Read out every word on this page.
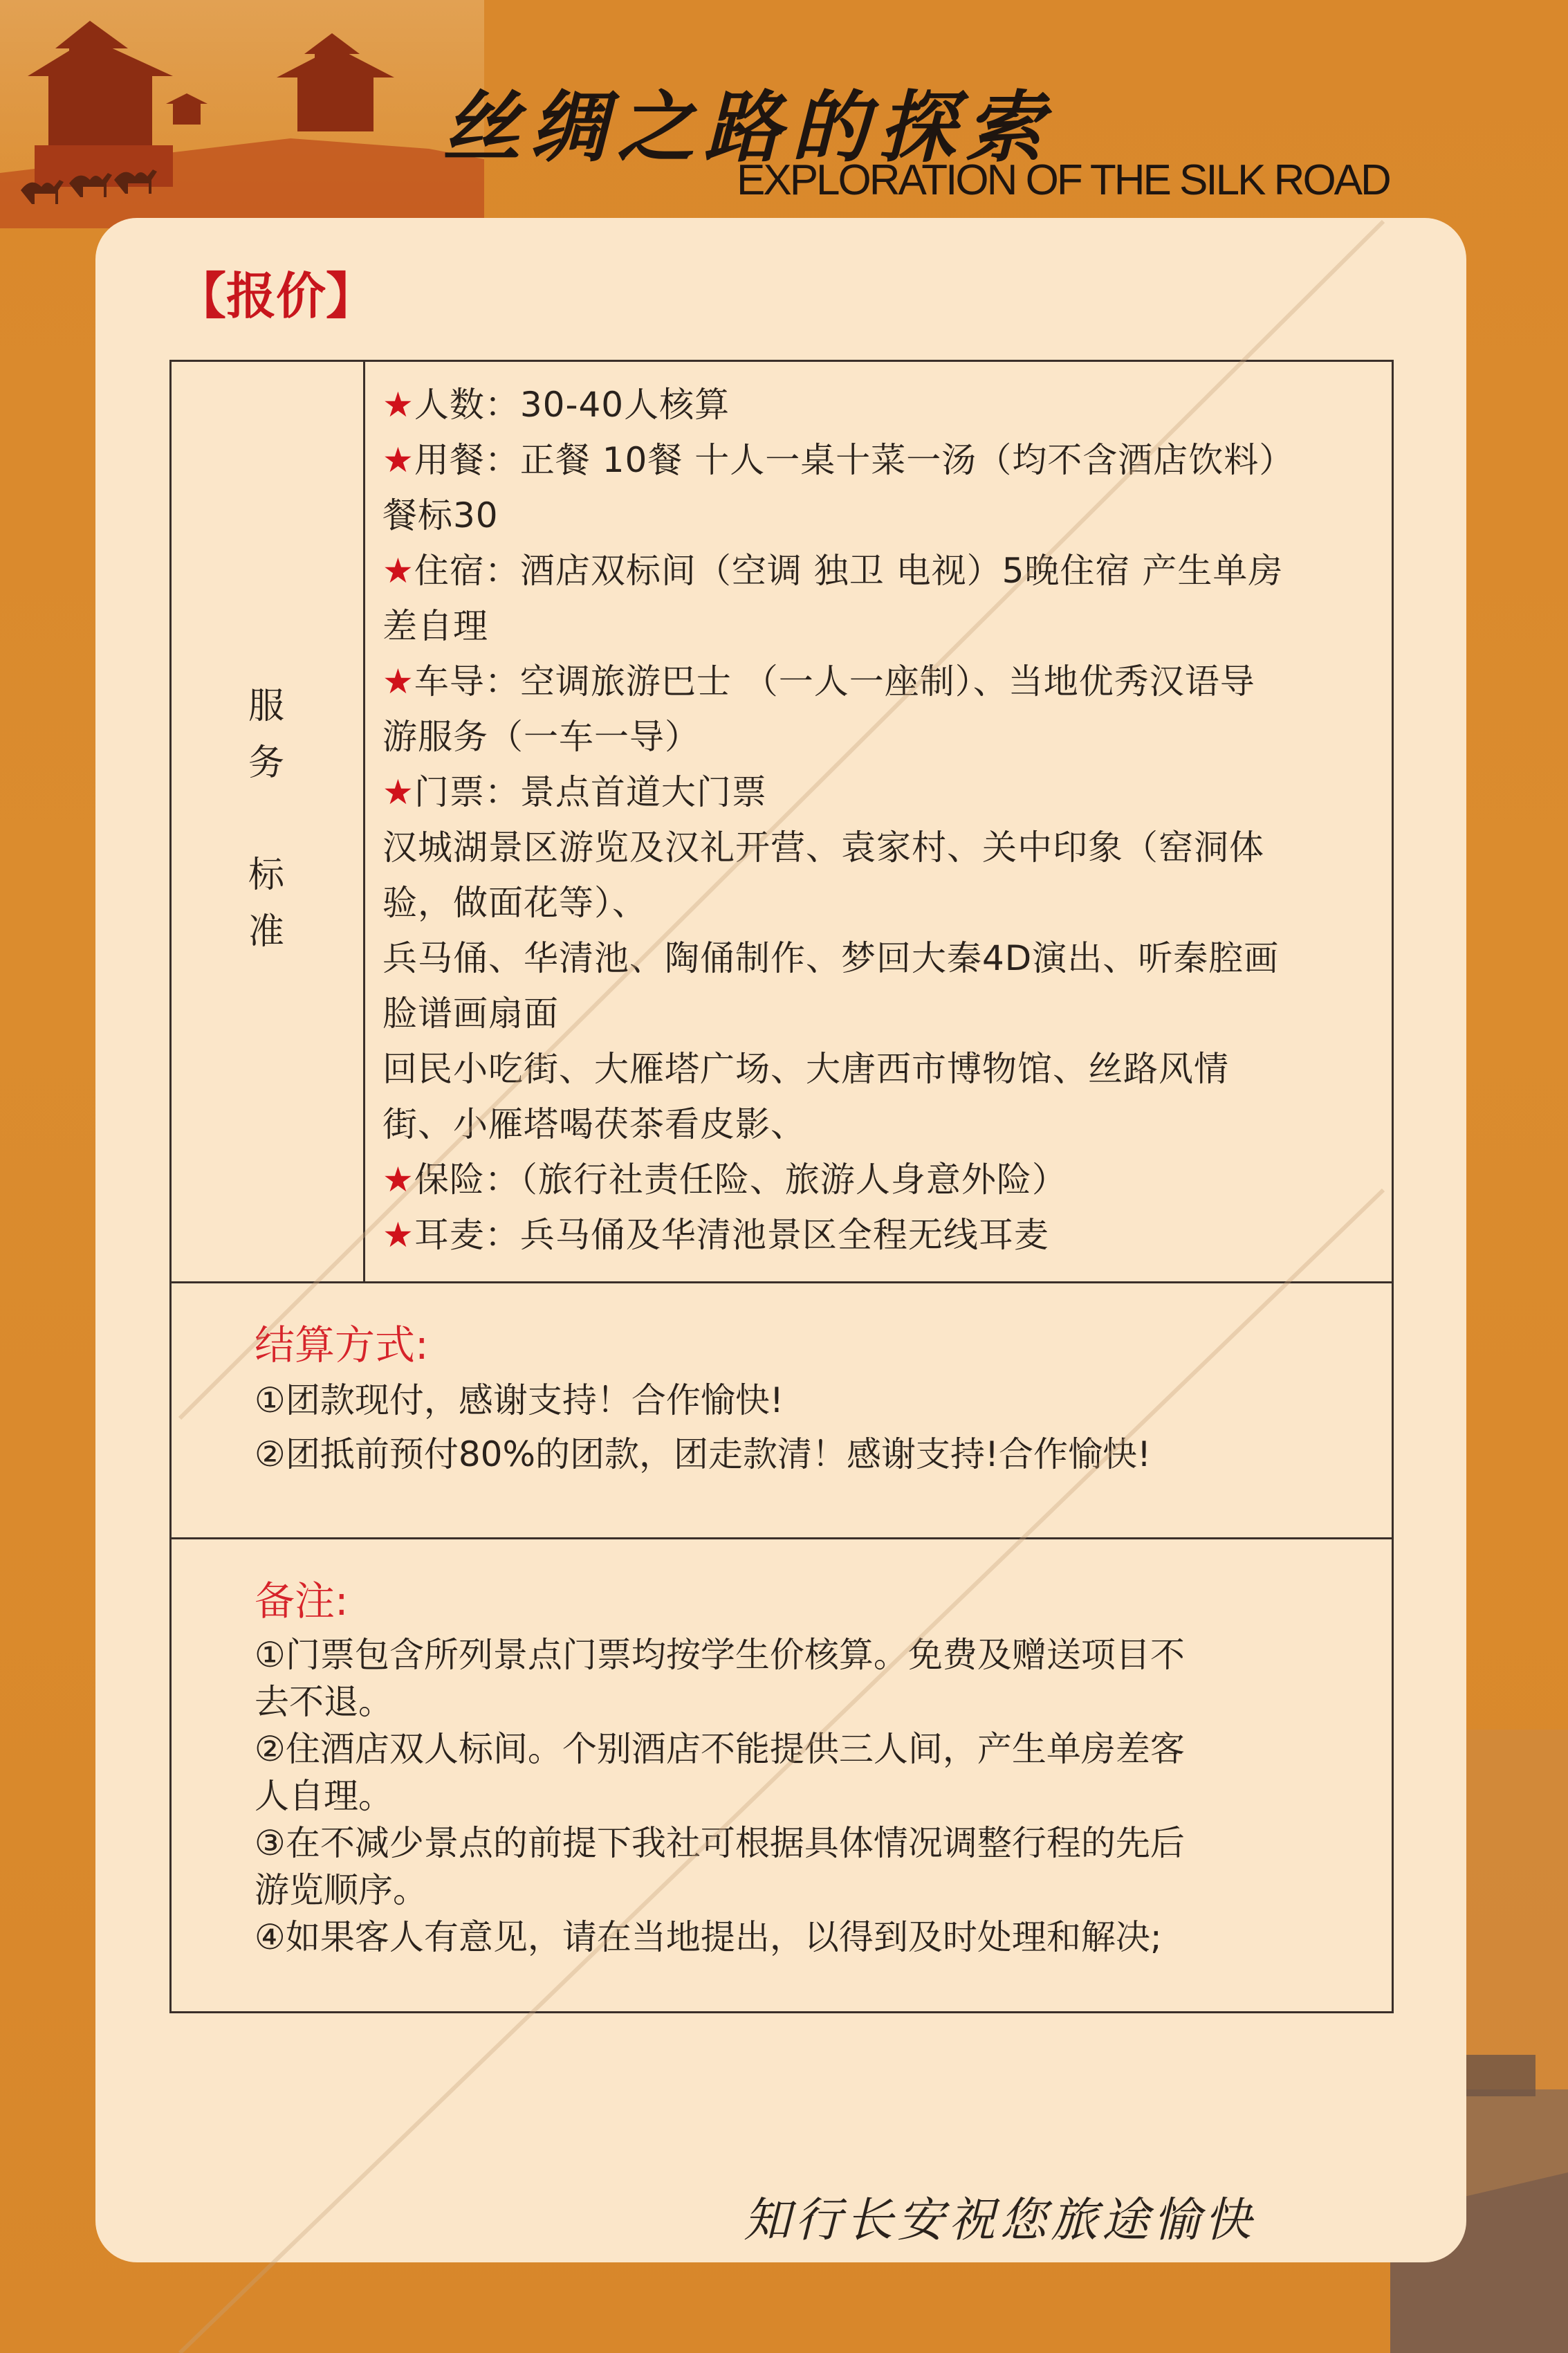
丝绸之路的探索
EXPLORATION OF THE SILK ROAD
【报价】
服
务
标
准
★人数：30-40人核算
★用餐：正餐 10餐 十人一桌十菜一汤（均不含酒店饮料）
餐标30
★住宿：酒店双标间（空调 独卫 电视）5晚住宿 产生单房
差自理
★车导：空调旅游巴士 （一人一座制）、当地优秀汉语导
游服务（一车一导）
★门票：景点首道大门票
汉城湖景区游览及汉礼开营、袁家村、关中印象（窑洞体
验，做面花等）、
兵马俑、华清池、陶俑制作、梦回大秦4D演出、听秦腔画
脸谱画扇面
回民小吃街、大雁塔广场、大唐西市博物馆、丝路风情
街、小雁塔喝茯茶看皮影、
★保险：（旅行社责任险、旅游人身意外险）
★耳麦：兵马俑及华清池景区全程无线耳麦
结算方式:
①团款现付，感谢支持！合作愉快!
②团抵前预付80%的团款，团走款清！感谢支持!合作愉快!
备注:
①门票包含所列景点门票均按学生价核算。免费及赠送项目不
去不退。
②住酒店双人标间。个别酒店不能提供三人间，产生单房差客
人自理。
③在不减少景点的前提下我社可根据具体情况调整行程的先后
游览顺序。
④如果客人有意见，请在当地提出，以得到及时处理和解决;
知行长安祝您旅途愉快
